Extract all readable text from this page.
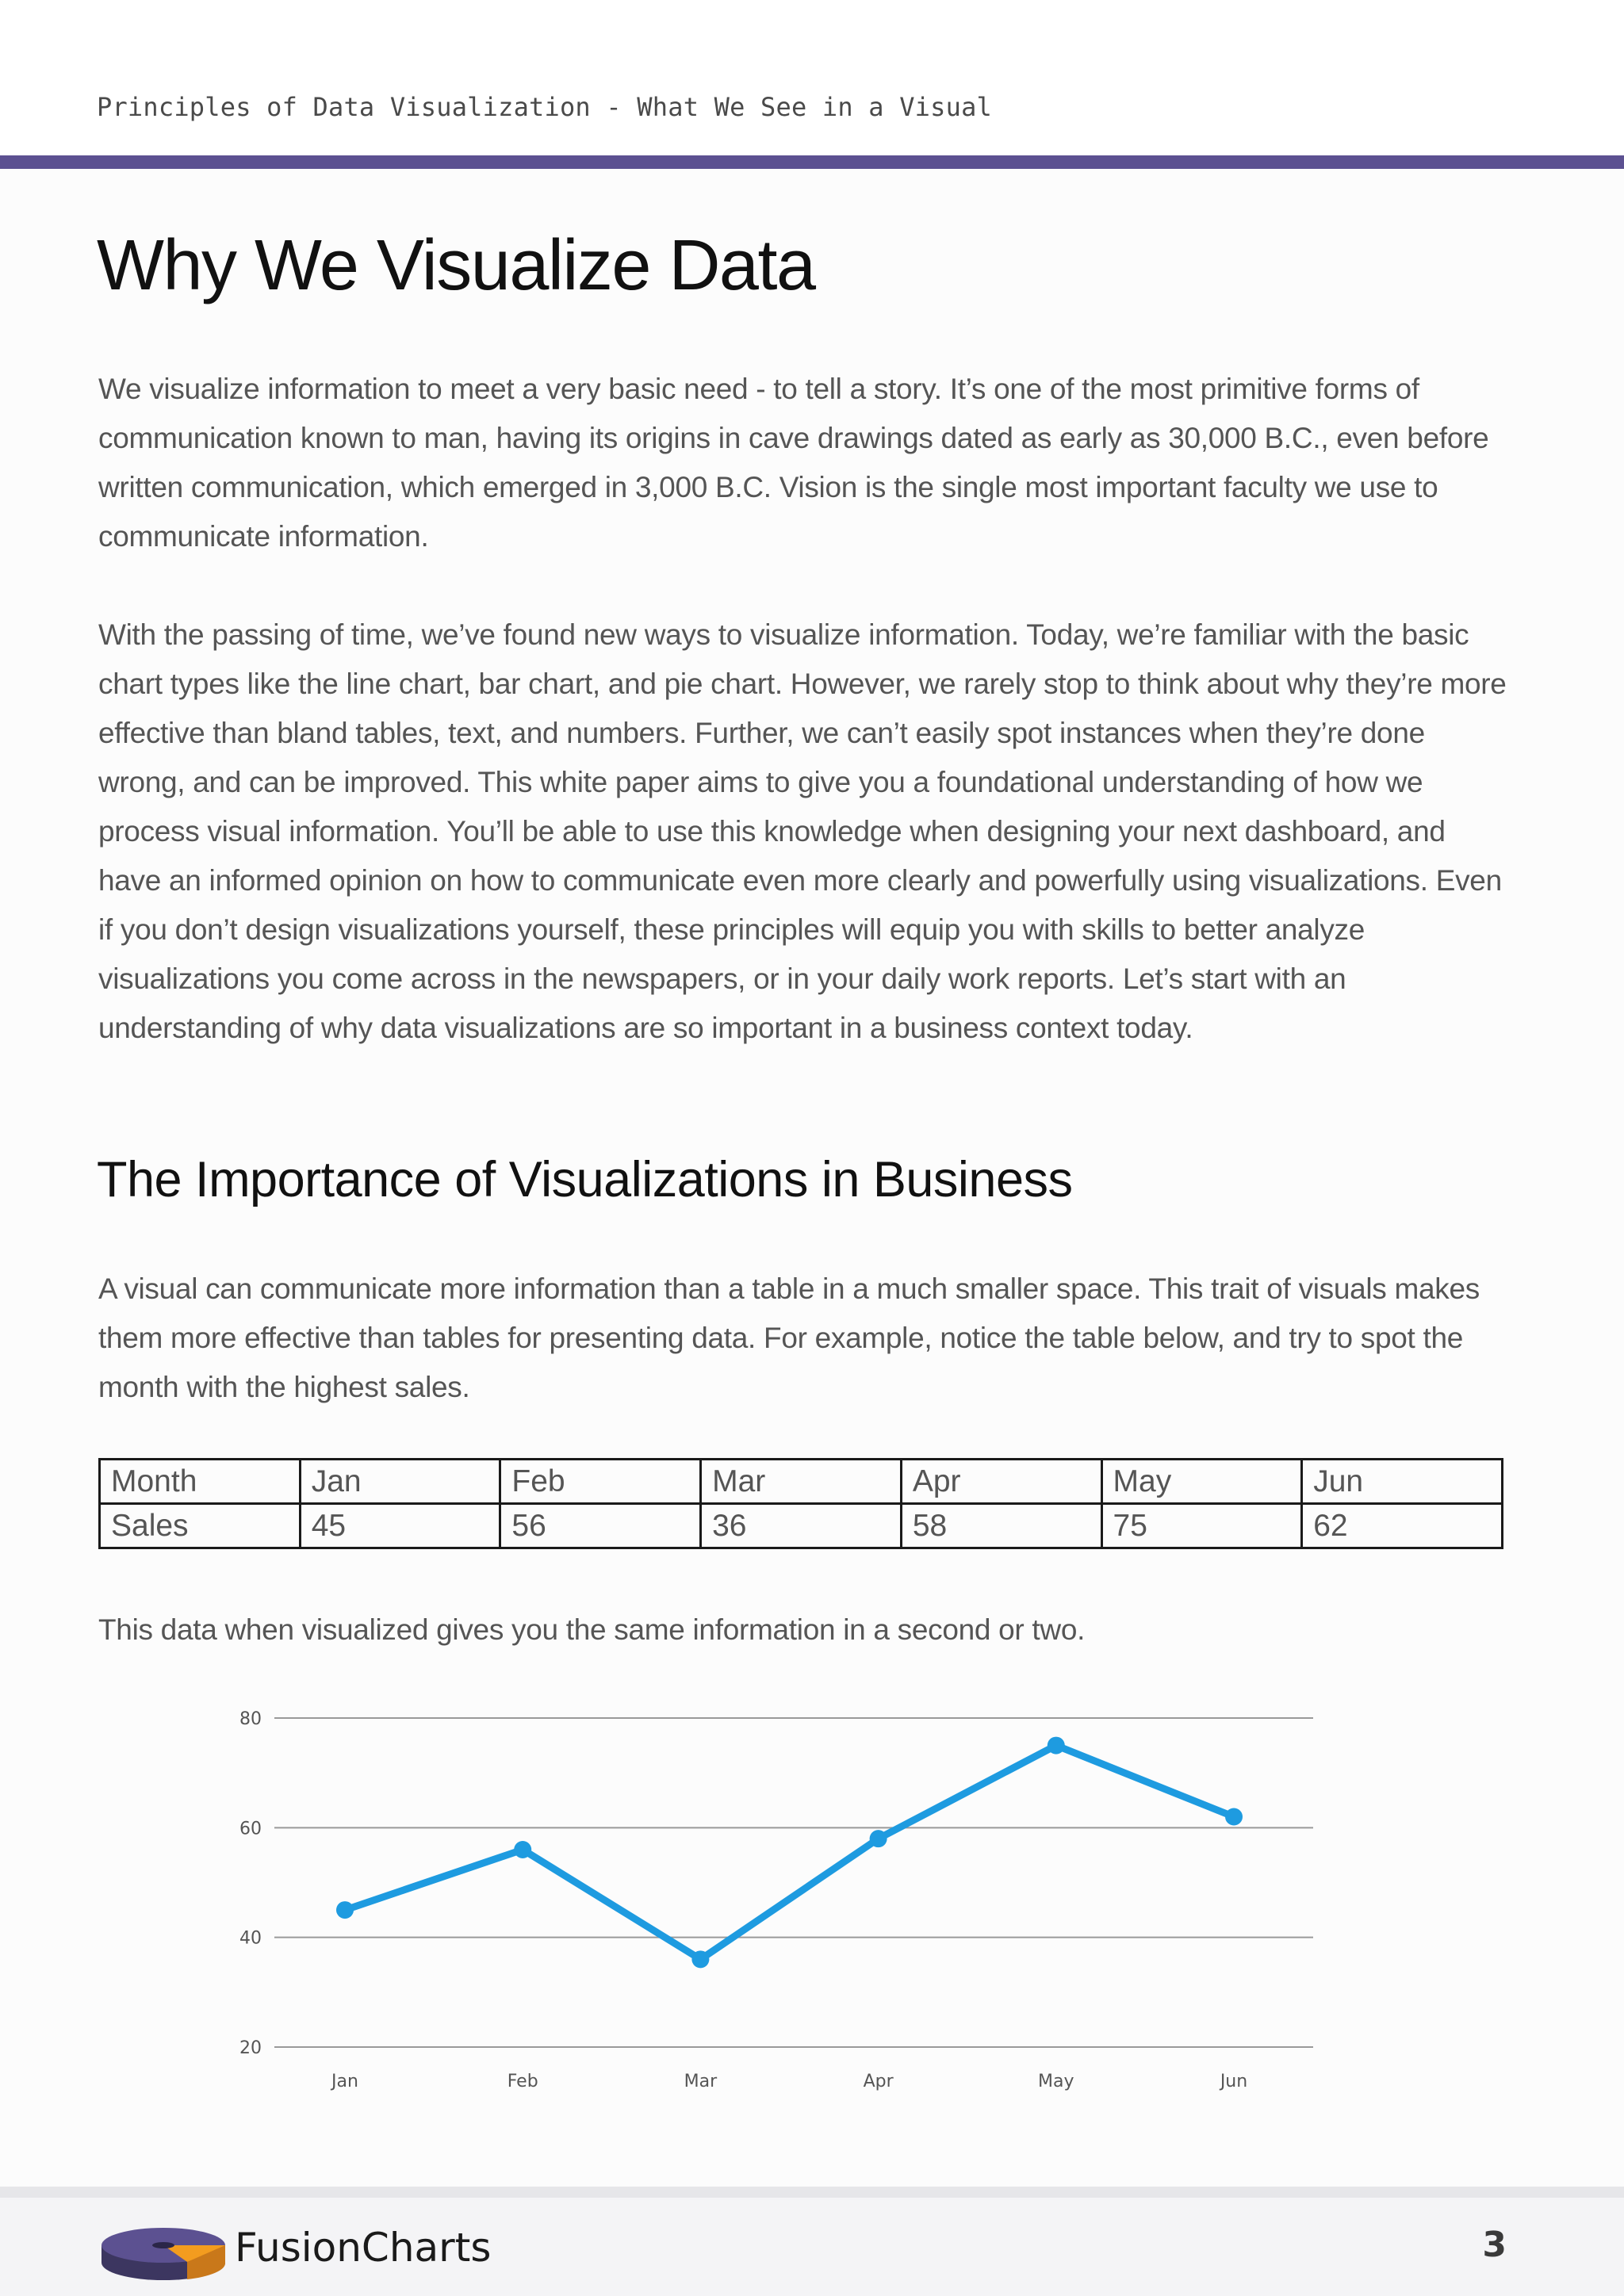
Principles of Data Visualization - What We See in a Visual
Why We Visualize Data

We visualize information to meet a very basic need - to tell a story. It’s one of the most primitive forms of communication known to man, having its origins in cave drawings dated as early as 30,000 B.C., even before written communication, which emerged in 3,000 B.C. Vision is the single most important faculty we use to communicate information.

With the passing of time, we’ve found new ways to visualize information. Today, we’re familiar with the basic chart types like the line chart, bar chart, and pie chart. However, we rarely stop to think about why they’re more effective than bland tables, text, and numbers. Further, we can’t easily spot instances when they’re done wrong, and can be improved. This white paper aims to give you a foundational understanding of how we process visual information. You’ll be able to use this knowledge when designing your next dashboard, and have an informed opinion on how to communicate even more clearly and powerfully using visualizations. Even if you don’t design visualizations yourself, these principles will equip you with skills to better analyze visualizations you come across in the newspapers, or in your daily work reports. Let’s start with an understanding of why data visualizations are so important in a business context today.

The Importance of Visualizations in Business

A visual can communicate more information than a table in a much smaller space. This trait of visuals makes them more effective than tables for presenting data. For example, notice the table below, and try to spot the month with the highest sales.

Month	Jan	Feb	Mar	Apr	May	Jun
Sales	45	56	36	58	75	62

This data when visualized gives you the same information in a second or two.

20
40
60
80
Jan	Feb	Mar	Apr	May	Jun
FusionCharts	3
